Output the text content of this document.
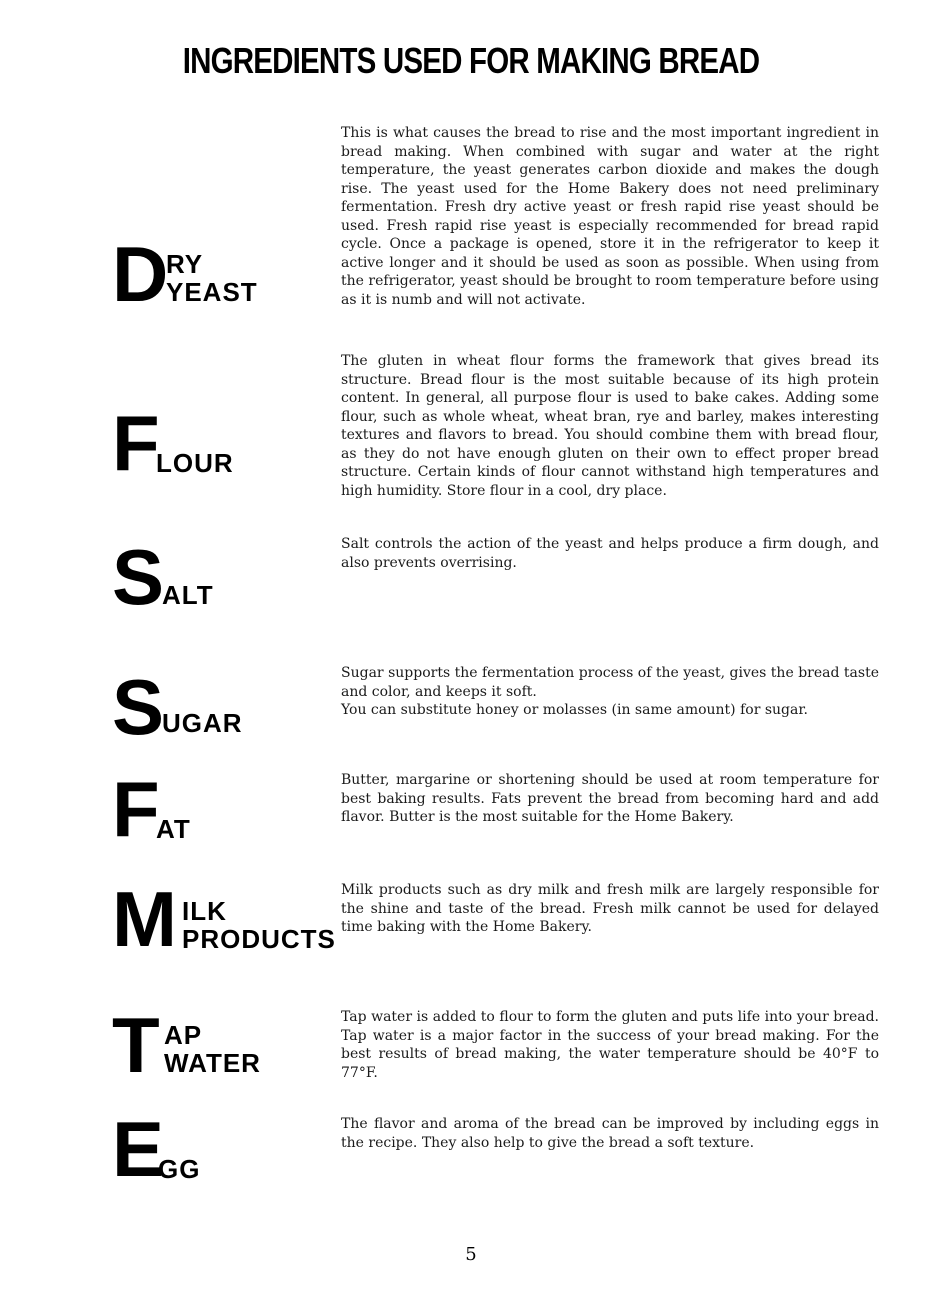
INGREDIENTS USED FOR MAKING BREAD
D
RY
YEAST

This is what causes the bread to rise and the most important ingredient in bread making. When combined with sugar and water at the right temperature, the yeast generates carbon dioxide and makes the dough rise. The yeast used for the Home Bakery does not need preliminary fermentation. Fresh dry active yeast or fresh rapid rise yeast should be used. Fresh rapid rise yeast is especially recommended for bread rapid cycle. Once a package is opened, store it in the refrigerator to keep it active longer and it should be used as soon as possible. When using from the refrigerator, yeast should be brought to room temperature before using as it is numb and will not activate.

F
LOUR

The gluten in wheat flour forms the framework that gives bread its structure. Bread flour is the most suitable because of its high protein content. In general, all purpose flour is used to bake cakes. Adding some flour, such as whole wheat, wheat bran, rye and barley, makes interesting textures and flavors to bread. You should combine them with bread flour, as they do not have enough gluten on their own to effect proper bread structure. Certain kinds of flour cannot withstand high temperatures and high humidity. Store flour in a cool, dry place.

S
ALT

Salt controls the action of the yeast and helps produce a firm dough, and also prevents overrising.

S
UGAR

Sugar supports the fermentation process of the yeast, gives the bread taste and color, and keeps it soft.

You can substitute honey or molasses (in same amount) for sugar.

F
AT

Butter, margarine or shortening should be used at room temperature for best baking results. Fats prevent the bread from becoming hard and add flavor. Butter is the most suitable for the Home Bakery.

M ILK
PRODUCTS

Milk products such as dry milk and fresh milk are largely responsible for the shine and taste of the bread. Fresh milk cannot be used for delayed time baking with the Home Bakery.

T AP
WATER

Tap water is added to flour to form the gluten and puts life into your bread. Tap water is a major factor in the success of your bread making. For the best results of bread making, the water temperature should be 40°F to 77°F.

E
GG

The flavor and aroma of the bread can be improved by including eggs in the recipe. They also help to give the bread a soft texture.

5
